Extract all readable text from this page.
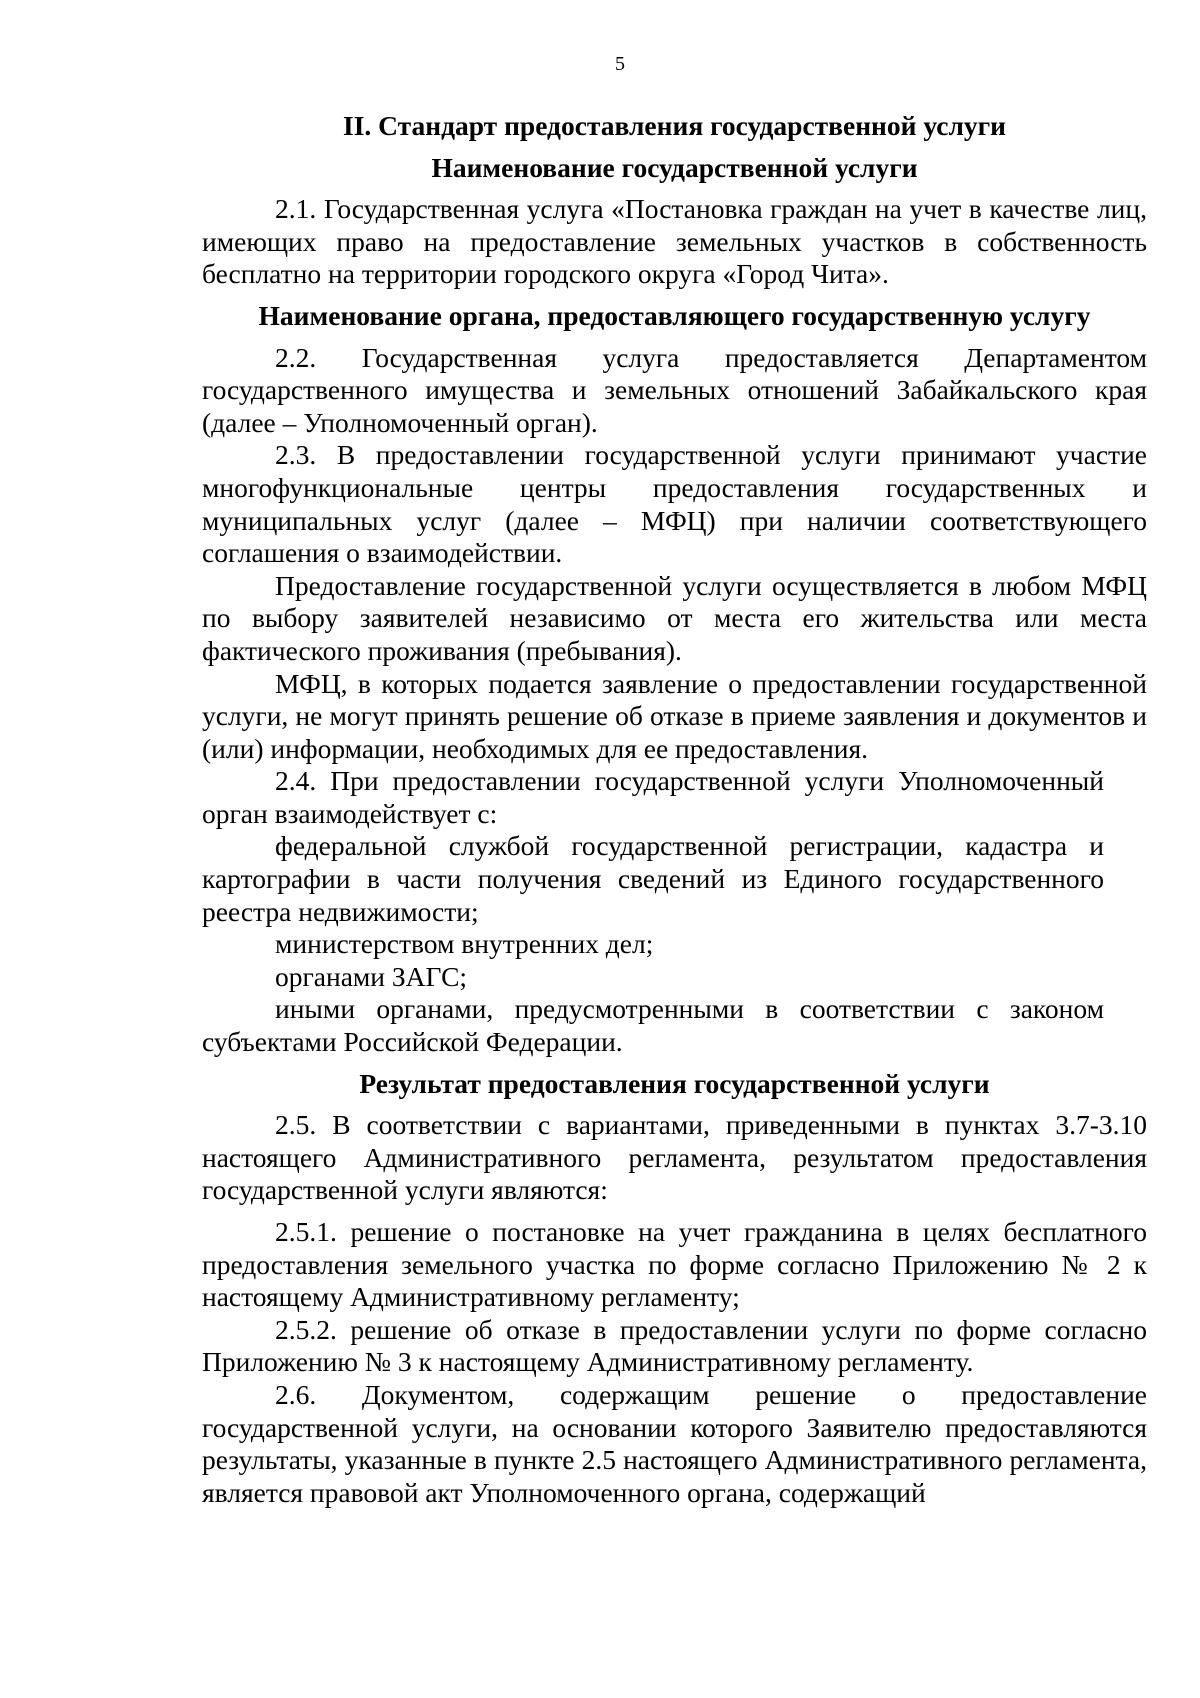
5
II. Стандарт предоставления государственной услуги
Наименование государственной услуги

2.1. Государственная услуга «Постановка граждан на учет в качестве лиц, имеющих право на предоставление земельных участков в собственность бесплатно на территории городского округа «Город Чита».

Наименование органа, предоставляющего государственную услугу

2.2. Государственная услуга предоставляется Департаментом государственного имущества и земельных отношений Забайкальского края (далее – Уполномоченный орган).

2.3. В предоставлении государственной услуги принимают участие многофункциональные центры предоставления государственных и муниципальных услуг (далее – МФЦ) при наличии соответствующего соглашения о взаимодействии.

Предоставление государственной услуги осуществляется в любом МФЦ по выбору заявителей независимо от места его жительства или места фактического проживания (пребывания).

МФЦ, в которых подается заявление о предоставлении государственной услуги, не могут принять решение об отказе в приеме заявления и документов и (или) информации, необходимых для ее предоставления.

2.4. При предоставлении государственной услуги Уполномоченный орган взаимодействует с:

федеральной службой государственной регистрации, кадастра и картографии в части получения сведений из Единого государственного реестра недвижимости;

министерством внутренних дел;

органами ЗАГС;

иными органами, предусмотренными в соответствии с законом субъектами Российской Федерации.

Результат предоставления государственной услуги

2.5. В соответствии с вариантами, приведенными в пунктах 3.7-3.10 настоящего Административного регламента, результатом предоставления государственной услуги являются:

2.5.1. решение о постановке на учет гражданина в целях бесплатного предоставления земельного участка по форме согласно Приложению № 2 к настоящему Административному регламенту;

2.5.2. решение об отказе в предоставлении услуги по форме согласно Приложению № 3 к настоящему Административному регламенту.

2.6. Документом, содержащим решение о предоставление государственной услуги, на основании которого Заявителю предоставляются результаты, указанные в пункте 2.5 настоящего Административного регламента, является правовой акт Уполномоченного органа, содержащий
